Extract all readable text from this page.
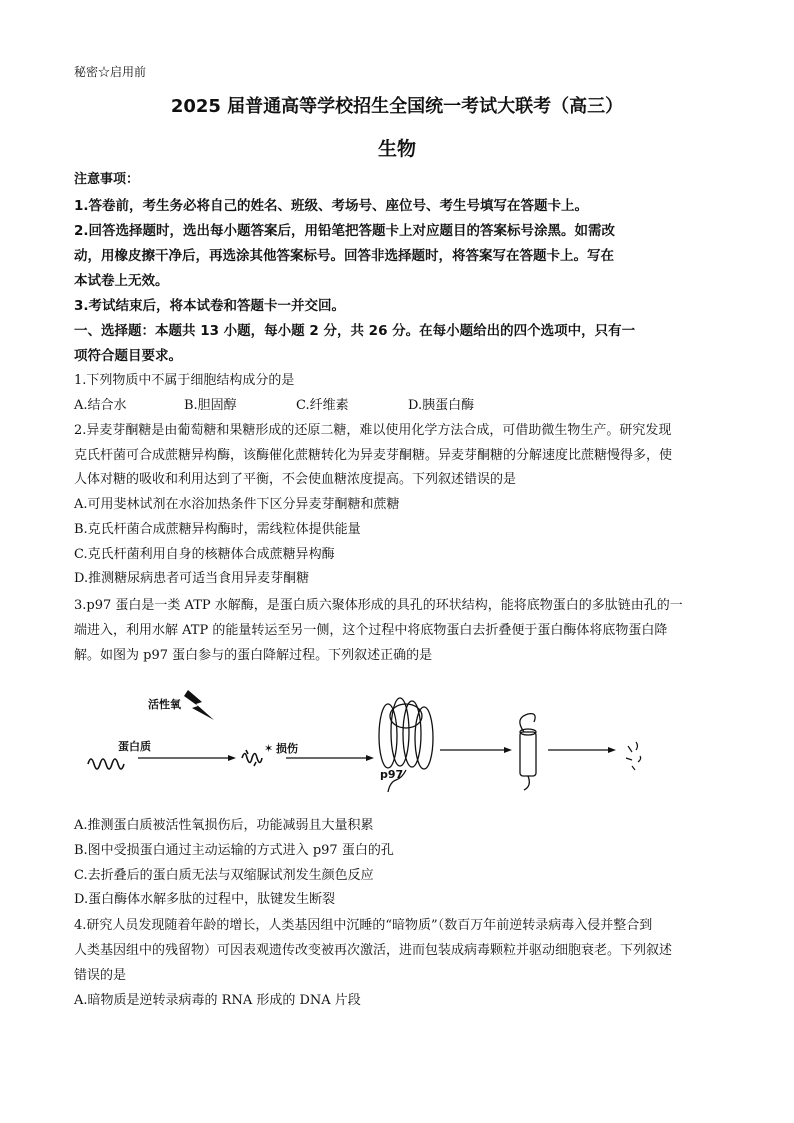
秘密☆启用前
2025 届普通高等学校招生全国统一考试大联考（高三）
生物
注意事项：
1.答卷前，考生务必将自己的姓名、班级、考场号、座位号、考生号填写在答题卡上。
2.回答选择题时，选出每小题答案后，用铅笔把答题卡上对应题目的答案标号涂黑。如需改
动，用橡皮擦干净后，再选涂其他答案标号。回答非选择题时，将答案写在答题卡上。写在
本试卷上无效。
3.考试结束后，将本试卷和答题卡一并交回。
一、选择题：本题共 13 小题，每小题 2 分，共 26 分。在每小题给出的四个选项中，只有一
项符合题目要求。
1.下列物质中不属于细胞结构成分的是
A.结合水	B.胆固醇	C.纤维素	D.胰蛋白酶
2.异麦芽酮糖是由葡萄糖和果糖形成的还原二糖，难以使用化学方法合成，可借助微生物生产。研究发现
克氏杆菌可合成蔗糖异构酶，该酶催化蔗糖转化为异麦芽酮糖。异麦芽酮糖的分解速度比蔗糖慢得多，使
人体对糖的吸收和利用达到了平衡，不会使血糖浓度提高。下列叙述错误的是
A.可用斐林试剂在水浴加热条件下区分异麦芽酮糖和蔗糖
B.克氏杆菌合成蔗糖异构酶时，需线粒体提供能量
C.克氏杆菌利用自身的核糖体合成蔗糖异构酶
D.推测糖尿病患者可适当食用异麦芽酮糖
3.p97 蛋白是一类 ATP 水解酶，是蛋白质六聚体形成的具孔的环状结构，能将底物蛋白的多肽链由孔的一
端进入，利用水解 ATP 的能量转运至另一侧，这个过程中将底物蛋白去折叠便于蛋白酶体将底物蛋白降
解。如图为 p97 蛋白参与的蛋白降解过程。下列叙述正确的是
活性氧
蛋白质	✶ 损伤
p97
A.推测蛋白质被活性氧损伤后，功能减弱且大量积累
B.图中受损蛋白通过主动运输的方式进入 p97 蛋白的孔
C.去折叠后的蛋白质无法与双缩脲试剂发生颜色反应
D.蛋白酶体水解多肽的过程中，肽键发生断裂
4.研究人员发现随着年龄的增长，人类基因组中沉睡的“暗物质”（数百万年前逆转录病毒入侵并整合到
人类基因组中的残留物）可因表观遗传改变被再次激活，进而包装成病毒颗粒并驱动细胞衰老。下列叙述
错误的是
A.暗物质是逆转录病毒的 RNA 形成的 DNA 片段
